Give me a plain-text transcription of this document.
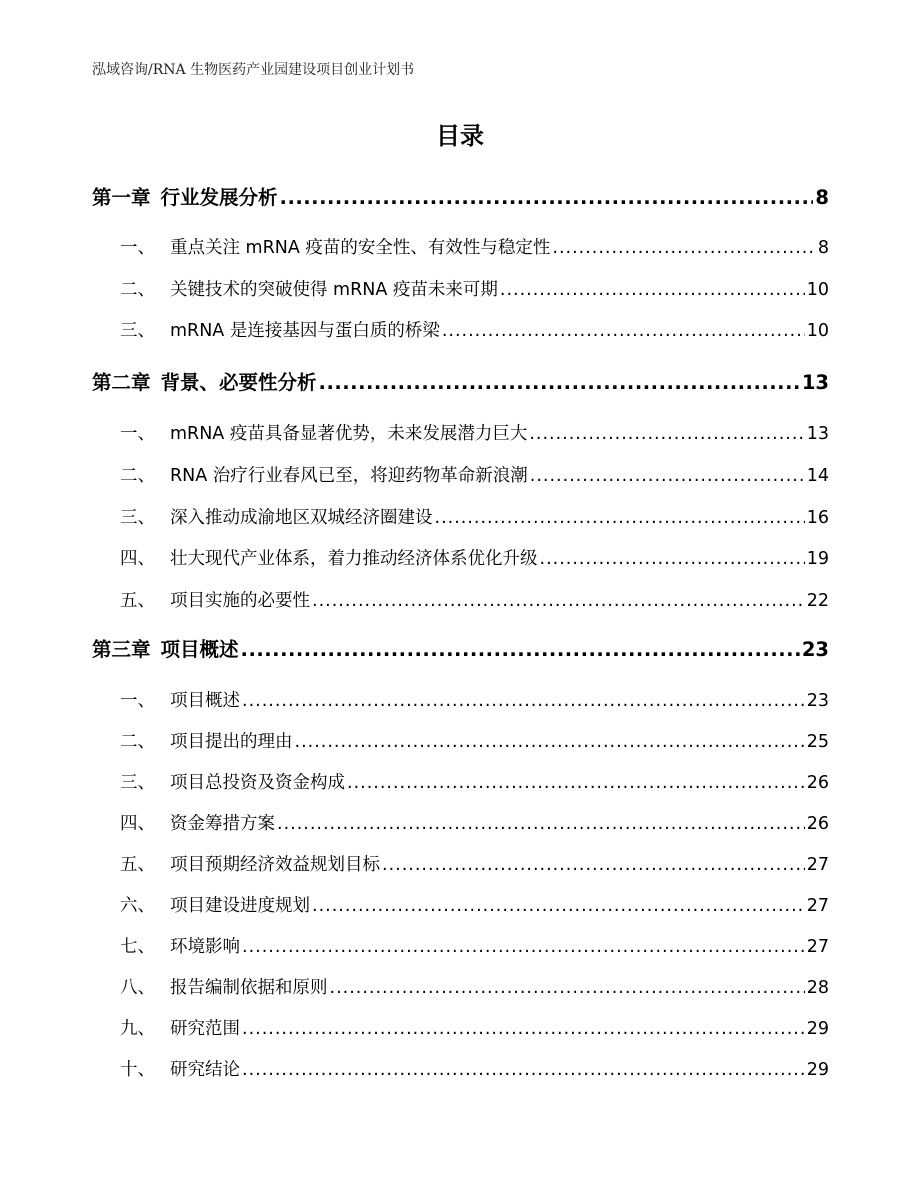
泓域咨询/RNA 生物医药产业园建设项目创业计划书
目录
第一章 行业发展分析 .....	8
一、 重点关注 mRNA 疫苗的安全性、有效性与稳定性 .....	8
二、 关键技术的突破使得 mRNA 疫苗未来可期 .....	10
三、 mRNA 是连接基因与蛋白质的桥梁 .....	10
第二章 背景、必要性分析 .....	13
一、 mRNA 疫苗具备显著优势，未来发展潜力巨大 .....	13
二、 RNA 治疗行业春风已至，将迎药物革命新浪潮 .....	14
三、 深入推动成渝地区双城经济圈建设 .....	16
四、 壮大现代产业体系，着力推动经济体系优化升级 .....	19
五、 项目实施的必要性 .....	22
第三章 项目概述 .....	23
一、 项目概述 .....	23
二、 项目提出的理由 .....	25
三、 项目总投资及资金构成 .....	26
四、 资金筹措方案 .....	26
五、 项目预期经济效益规划目标 .....	27
六、 项目建设进度规划 .....	27
七、 环境影响 .....	27
八、 报告编制依据和原则 .....	28
九、 研究范围 .....	29
十、 研究结论 .....	29
